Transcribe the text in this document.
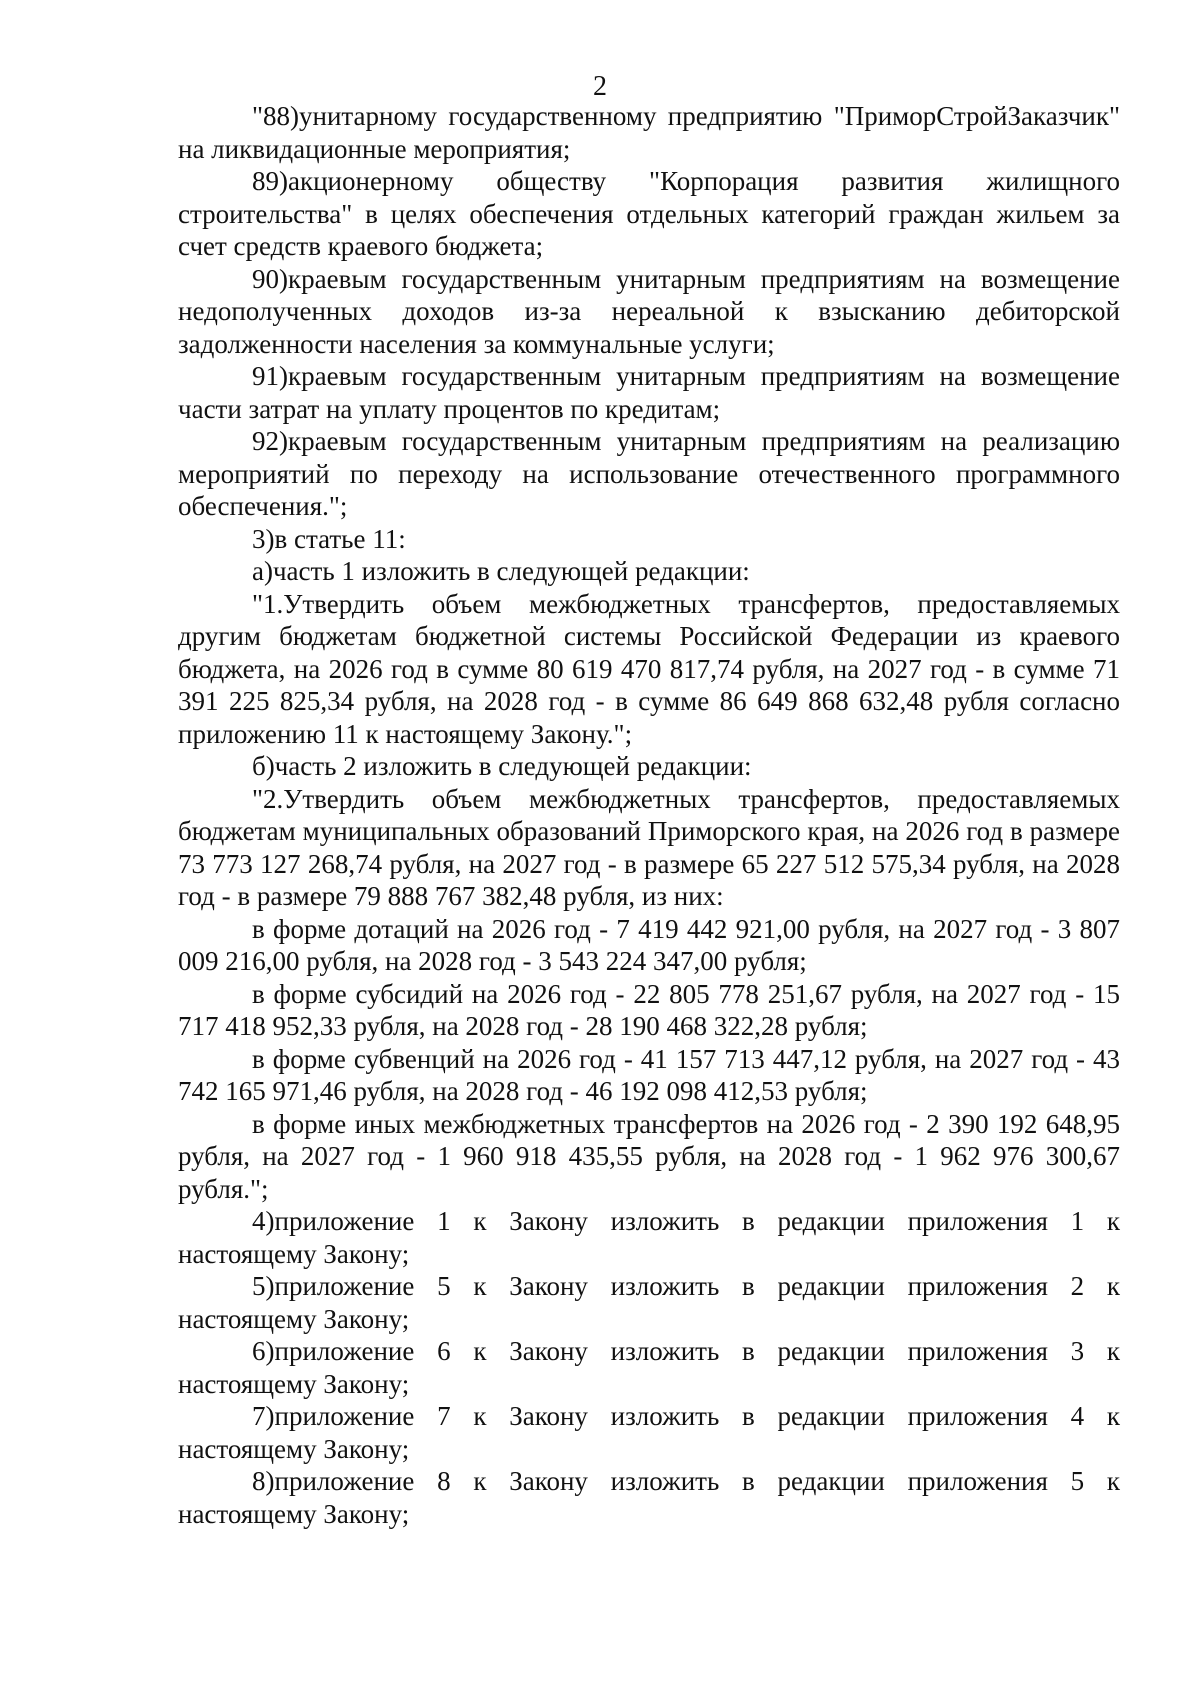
2

"88)унитарному государственному предприятию "ПриморСтройЗаказчик" на ликвидационные мероприятия;

89)акционерному обществу "Корпорация развития жилищного строительства" в целях обеспечения отдельных категорий граждан жильем за счет средств краевого бюджета;

90)краевым государственным унитарным предприятиям на возмещение недополученных доходов из-за нереальной к взысканию дебиторской задолженности населения за коммунальные услуги;

91)краевым государственным унитарным предприятиям на возмещение части затрат на уплату процентов по кредитам;

92)краевым государственным унитарным предприятиям на реализацию мероприятий по переходу на использование отечественного программного обеспечения.";

3)в статье 11:

а)часть 1 изложить в следующей редакции:

"1.Утвердить объем межбюджетных трансфертов, предоставляемых другим бюджетам бюджетной системы Российской Федерации из краевого бюджета, на 2026 год в сумме 80 619 470 817,74 рубля, на 2027 год - в сумме 71 391 225 825,34 рубля, на 2028 год - в сумме 86 649 868 632,48 рубля согласно приложению 11 к настоящему Закону.";

б)часть 2 изложить в следующей редакции:

"2.Утвердить объем межбюджетных трансфертов, предоставляемых бюджетам муниципальных образований Приморского края, на 2026 год в размере 73 773 127 268,74 рубля, на 2027 год - в размере 65 227 512 575,34 рубля, на 2028 год - в размере 79 888 767 382,48 рубля, из них:

в форме дотаций на 2026 год - 7 419 442 921,00 рубля, на 2027 год - 3 807 009 216,00 рубля, на 2028 год - 3 543 224 347,00 рубля;

в форме субсидий на 2026 год - 22 805 778 251,67 рубля, на 2027 год - 15 717 418 952,33 рубля, на 2028 год - 28 190 468 322,28 рубля;

в форме субвенций на 2026 год - 41 157 713 447,12 рубля, на 2027 год - 43 742 165 971,46 рубля, на 2028 год - 46 192 098 412,53 рубля;

в форме иных межбюджетных трансфертов на 2026 год - 2 390 192 648,95 рубля, на 2027 год - 1 960 918 435,55 рубля, на 2028 год - 1 962 976 300,67 рубля.";

4)приложение 1 к Закону изложить в редакции приложения 1 к настоящему Закону;

5)приложение 5 к Закону изложить в редакции приложения 2 к настоящему Закону;

6)приложение 6 к Закону изложить в редакции приложения 3 к настоящему Закону;

7)приложение 7 к Закону изложить в редакции приложения 4 к настоящему Закону;

8)приложение 8 к Закону изложить в редакции приложения 5 к настоящему Закону;
